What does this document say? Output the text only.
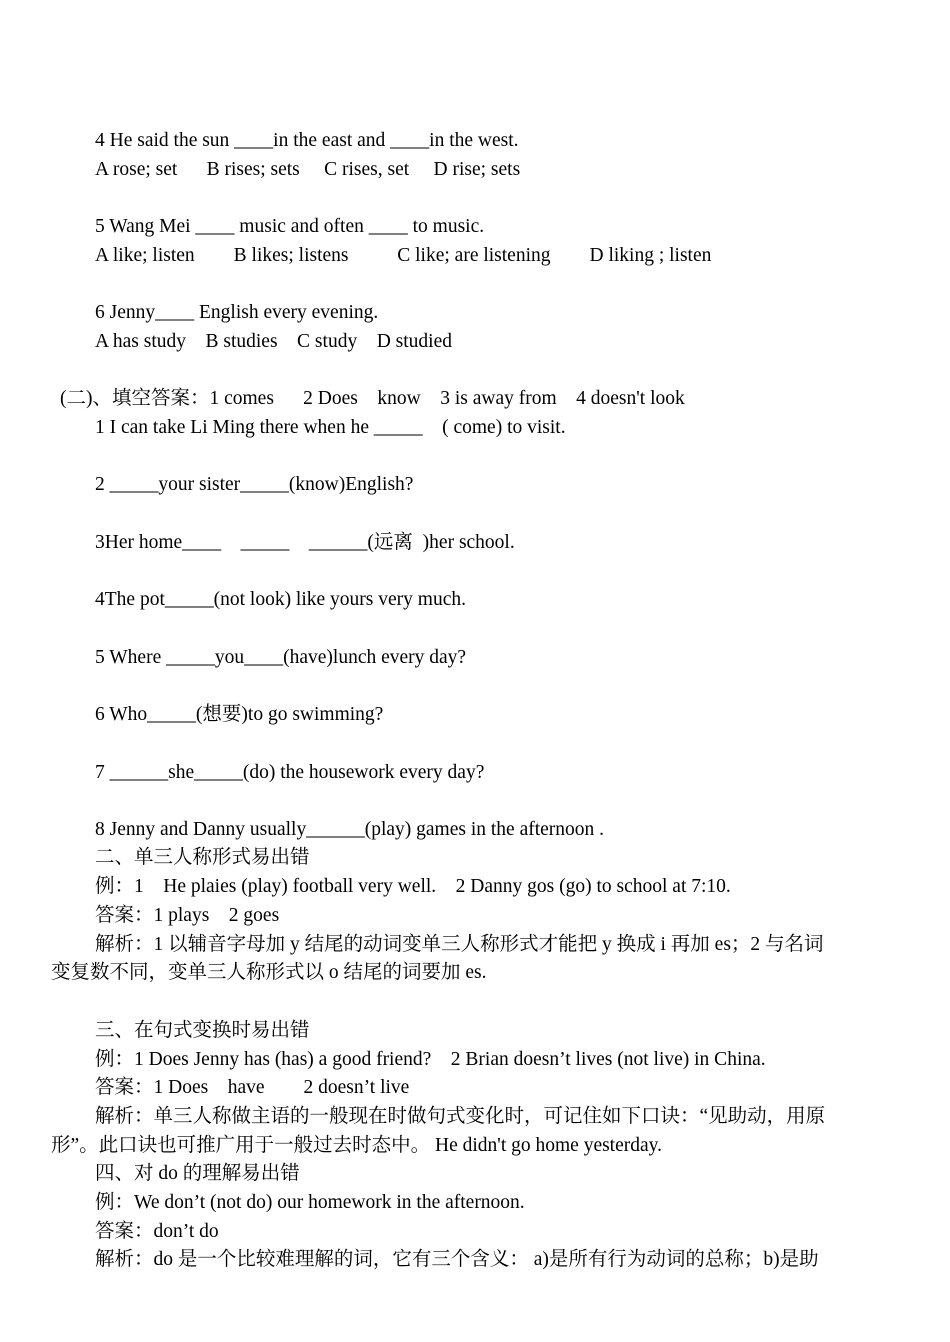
4 He said the sun ____in the east and ____in the west.
A rose; set      B rises; sets     C rises, set     D rise; sets
5 Wang Mei ____ music and often ____ to music.
A like; listen        B likes; listens          C like; are listening        D liking ; listen
6 Jenny____ English every evening.
A has study    B studies    C study    D studied
(二)、填空答案：1 comes      2 Does    know    3 is away from    4 doesn't look
1 I can take Li Ming there when he _____    ( come) to visit.
2 _____your sister_____(know)English?
3Her home____    _____    ______(远离  )her school.
4The pot_____(not look) like yours very much.
5 Where _____you____(have)lunch every day?
6 Who_____(想要)to go swimming?
7 ______she_____(do) the housework every day?
8 Jenny and Danny usually______(play) games in the afternoon .
二、单三人称形式易出错
例：1    He plaies (play) football very well.    2 Danny gos (go) to school at 7:10.
答案：1 plays    2 goes
解析：1 以辅音字母加 y 结尾的动词变单三人称形式才能把 y 换成 i 再加 es；2 与名词
变复数不同，变单三人称形式以 o 结尾的词要加 es.
三、在句式变换时易出错
例：1 Does Jenny has (has) a good friend?    2 Brian doesn’t lives (not live) in China.
答案：1 Does    have        2 doesn’t live
解析：单三人称做主语的一般现在时做句式变化时，可记住如下口诀：“见助动，用原
形”。此口诀也可推广用于一般过去时态中。 He didn't go home yesterday.
四、对 do 的理解易出错
例：We don’t (not do) our homework in the afternoon.
答案：don’t do
解析：do 是一个比较难理解的词，它有三个含义： a)是所有行为动词的总称；b)是助
